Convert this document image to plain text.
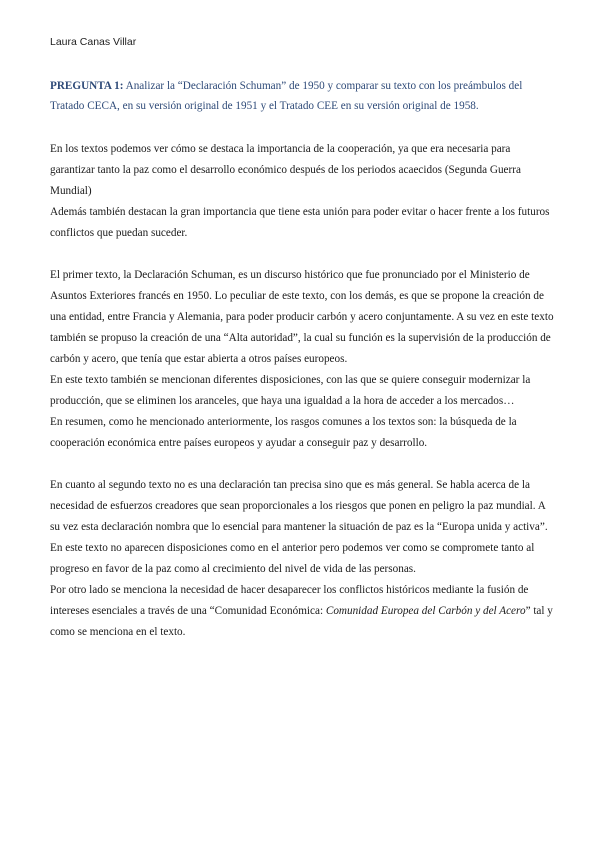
Laura Canas Villar

PREGUNTA 1: Analizar la “Declaración Schuman” de 1950 y comparar su texto con los preámbulos del Tratado CECA, en su versión original de 1951 y el Tratado CEE en su versión original de 1958.

En los textos podemos ver cómo se destaca la importancia de la cooperación, ya que era necesaria para garantizar tanto la paz como el desarrollo económico después de los periodos acaecidos (Segunda Guerra Mundial)

Además también destacan la gran importancia que tiene esta unión para poder evitar o hacer frente a los futuros conflictos que puedan suceder.

El primer texto, la Declaración Schuman, es un discurso histórico que fue pronunciado por el Ministerio de Asuntos Exteriores francés en 1950. Lo peculiar de este texto, con los demás, es que se propone la creación de una entidad, entre Francia y Alemania, para poder producir carbón y acero conjuntamente. A su vez en este texto también se propuso la creación de una “Alta autoridad”, la cual su función es la supervisión de la producción de carbón y acero, que tenía que estar abierta a otros países europeos.

En este texto también se mencionan diferentes disposiciones, con las que se quiere conseguir modernizar la producción, que se eliminen los aranceles, que haya una igualdad a la hora de acceder a los mercados…

En resumen, como he mencionado anteriormente, los rasgos comunes a los textos son: la búsqueda de la cooperación económica entre países europeos y ayudar a conseguir paz y desarrollo.

En cuanto al segundo texto no es una declaración tan precisa sino que es más general. Se habla acerca de la necesidad de esfuerzos creadores que sean proporcionales a los riesgos que ponen en peligro la paz mundial. A su vez esta declaración nombra que lo esencial para mantener la situación de paz es la “Europa unida y activa”.

En este texto no aparecen disposiciones como en el anterior pero podemos ver como se compromete tanto al progreso en favor de la paz como al crecimiento del nivel de vida de las personas.

Por otro lado se menciona la necesidad de hacer desaparecer los conflictos históricos mediante la fusión de intereses esenciales a través de una “Comunidad Económica: Comunidad Europea del Carbón y del Acero” tal y como se menciona en el texto.
